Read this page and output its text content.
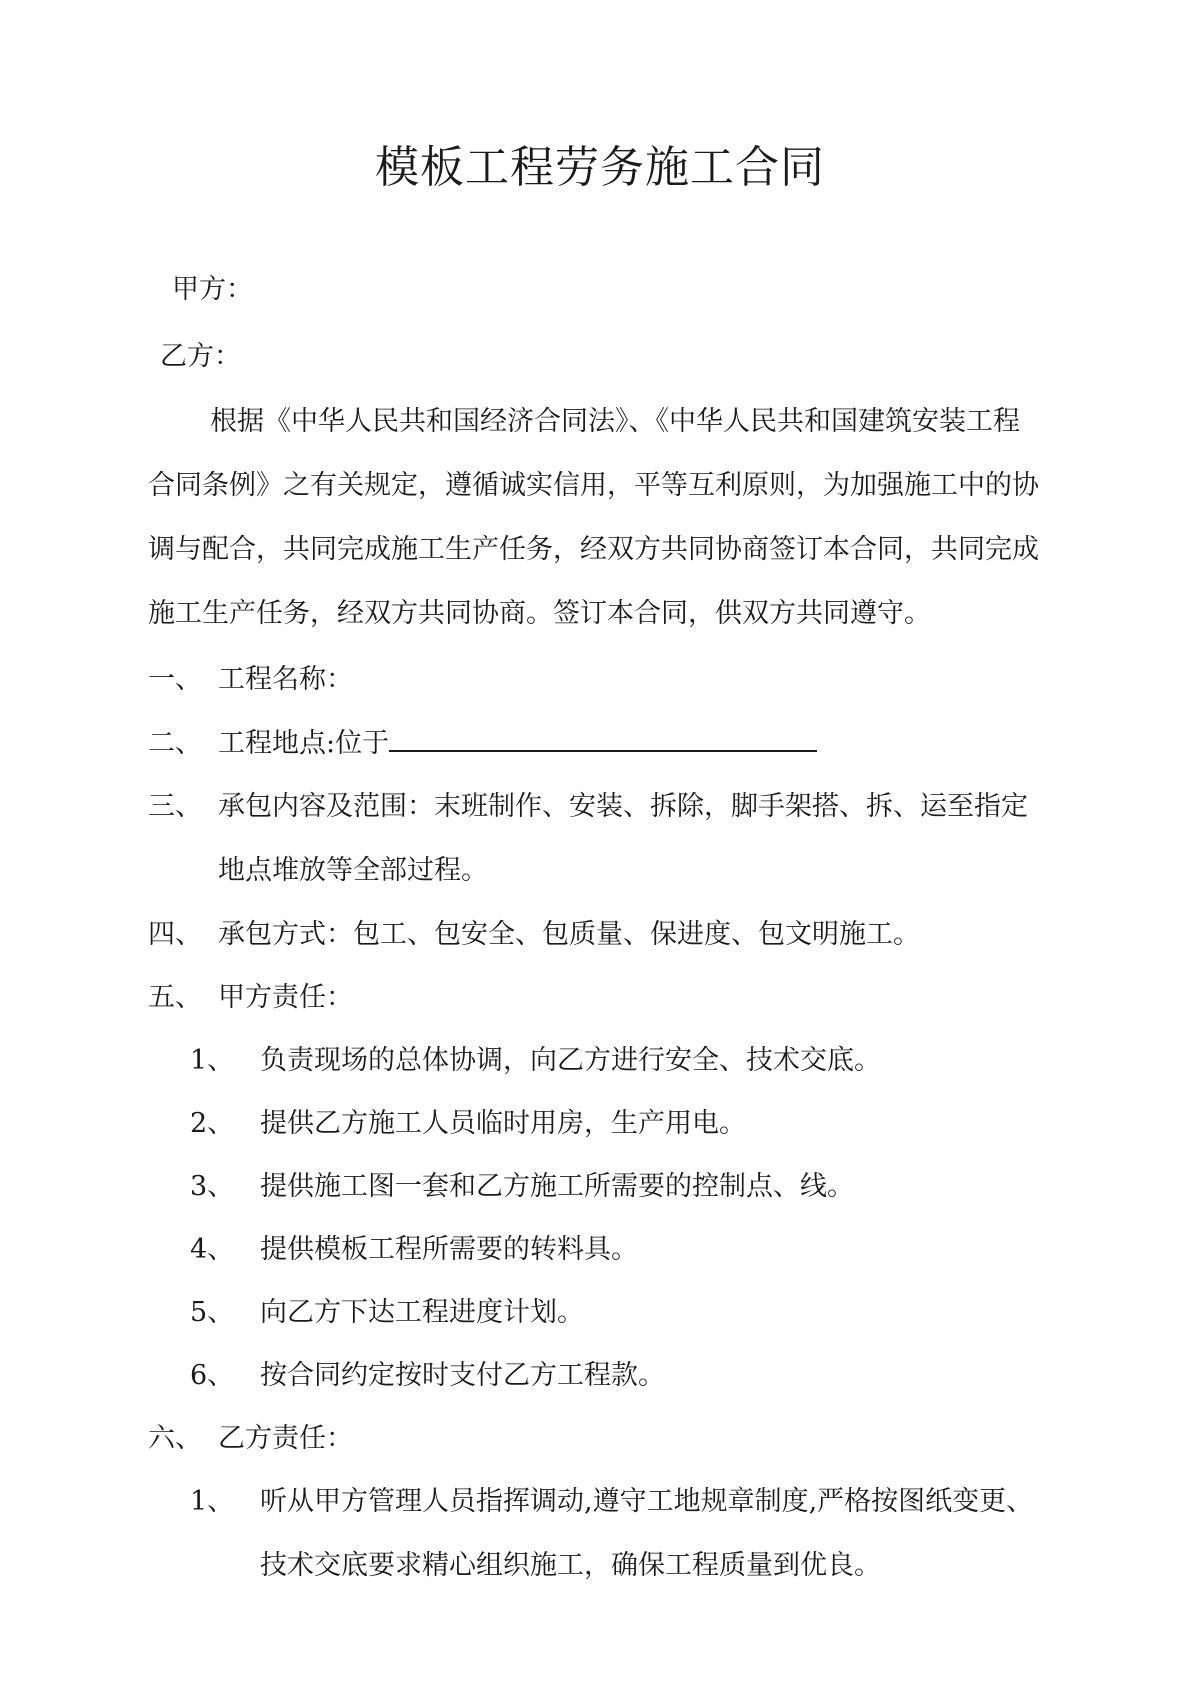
模板工程劳务施工合同
甲方：
乙方：
根据《中华人民共和国经济合同法》、《中华人民共和国建筑安装工程
合同条例》之有关规定，遵循诚实信用，平等互利原则，为加强施工中的协
调与配合，共同完成施工生产任务，经双方共同协商签订本合同，共同完成
施工生产任务，经双方共同协商。签订本合同，供双方共同遵守。
一、 工程名称：
二、 工程地点:位于
三、 承包内容及范围：末班制作、安装、拆除，脚手架搭、拆、运至指定
地点堆放等全部过程。
四、 承包方式：包工、包安全、包质量、保进度、包文明施工。
五、 甲方责任：
1、 负责现场的总体协调，向乙方进行安全、技术交底。
2、 提供乙方施工人员临时用房，生产用电。
3、 提供施工图一套和乙方施工所需要的控制点、线。
4、 提供模板工程所需要的转料具。
5、 向乙方下达工程进度计划。
6、 按合同约定按时支付乙方工程款。
六、 乙方责任：
1、 听从甲方管理人员指挥调动,遵守工地规章制度,严格按图纸变更、
技术交底要求精心组织施工，确保工程质量到优良。
